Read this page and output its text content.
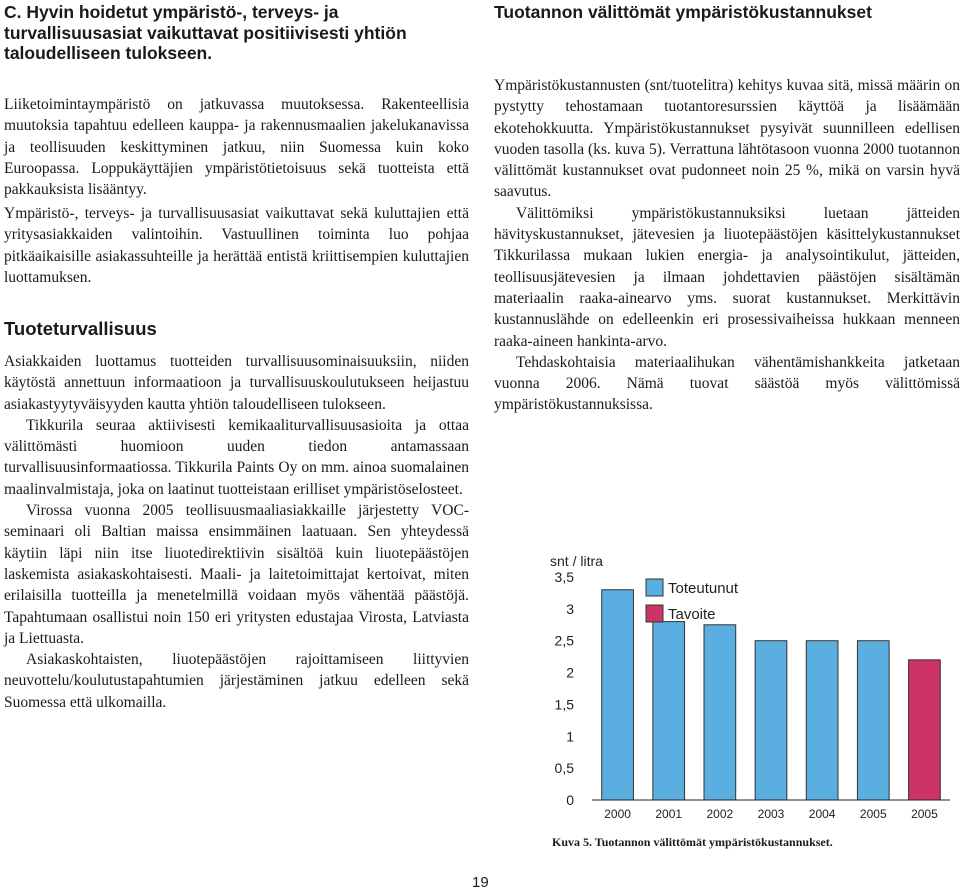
C. Hyvin hoidetut ympäristö-, terveys- ja turvallisuusasiat vaikuttavat positiivisesti yhtiön taloudelliseen tulokseen.

Liiketoimintaympäristö on jatkuvassa muutoksessa. Rakenteellisia muutoksia tapahtuu edelleen kauppa- ja rakennusmaalien jakelukanavissa ja teollisuuden keskittyminen jatkuu, niin Suomessa kuin koko Euroopassa. Loppukäyttäjien ympäristötietoisuus sekä tuotteista että pakkauksista lisääntyy.

Ympäristö-, terveys- ja turvallisuusasiat vaikuttavat sekä kuluttajien että yritysasiakkaiden valintoihin. Vastuullinen toiminta luo pohjaa pitkäaikaisille asiakassuhteille ja herättää entistä kriittisempien kuluttajien luottamuksen.

Tuoteturvallisuus

Asiakkaiden luottamus tuotteiden turvallisuusominaisuuksiin, niiden käytöstä annettuun informaatioon ja turvallisuuskoulutukseen heijastuu asiakastyytyväisyyden kautta yhtiön taloudelliseen tulokseen.

Tikkurila seuraa aktiivisesti kemikaaliturvallisuusasioita ja ottaa välittömästi huomioon uuden tiedon antamassaan turvallisuusinformaatiossa. Tikkurila Paints Oy on mm. ainoa suomalainen maalinvalmistaja, joka on laatinut tuotteistaan erilliset ympäristöselosteet.

Virossa vuonna 2005 teollisuusmaaliasiakkaille järjestetty VOC-seminaari oli Baltian maissa ensimmäinen laatuaan. Sen yhteydessä käytiin läpi niin itse liuotedirektiivin sisältöä kuin liuotepäästöjen laskemista asiakaskohtaisesti. Maali- ja laitetoimittajat kertoivat, miten erilaisilla tuotteilla ja menetelmillä voidaan myös vähentää päästöjä. Tapahtumaan osallistui noin 150 eri yritysten edustajaa Virosta, Latviasta ja Liettuasta.

Asiakaskohtaisten, liuotepäästöjen rajoittamiseen liittyvien neuvottelu/koulutustapahtumien järjestäminen jatkuu edelleen sekä Suomessa että ulkomailla.

Tuotannon välittömät ympäristökustannukset

Ympäristökustannusten (snt/tuotelitra) kehitys kuvaa sitä, missä määrin on pystytty tehostamaan tuotantoresurssien käyttöä ja lisäämään ekotehokkuutta. Ympäristökustannukset pysyivät suunnilleen edellisen vuoden tasolla (ks. kuva 5). Verrattuna lähtötasoon vuonna 2000 tuotannon välittömät kustannukset ovat pudonneet noin 25 %, mikä on varsin hyvä saavutus.

Välittömiksi ympäristökustannuksiksi luetaan jätteiden hävityskustannukset, jätevesien ja liuotepäästöjen käsittelykustannukset Tikkurilassa mukaan lukien energia- ja analysointikulut, jätteiden, teollisuusjätevesien ja ilmaan johdettavien päästöjen sisältämän materiaalin raaka-ainearvo yms. suorat kustannukset. Merkittävin kustannuslähde on edelleenkin eri prosessivaiheissa hukkaan menneen raaka-aineen hankinta-arvo.

Tehdaskohtaisia materiaalihukan vähentämishankkeita jatketaan vuonna 2006. Nämä tuovat säästöä myös välittömissä ympäristökustannuksissa.

snt / litra
0
0,5
1
1,5
2
2,5
3
3,5
2000 2001 2002 2003 2004 2005 2005
Toteutunut
Tavoite
Kuva 5. Tuotannon välittömät ympäristökustannukset.
19
